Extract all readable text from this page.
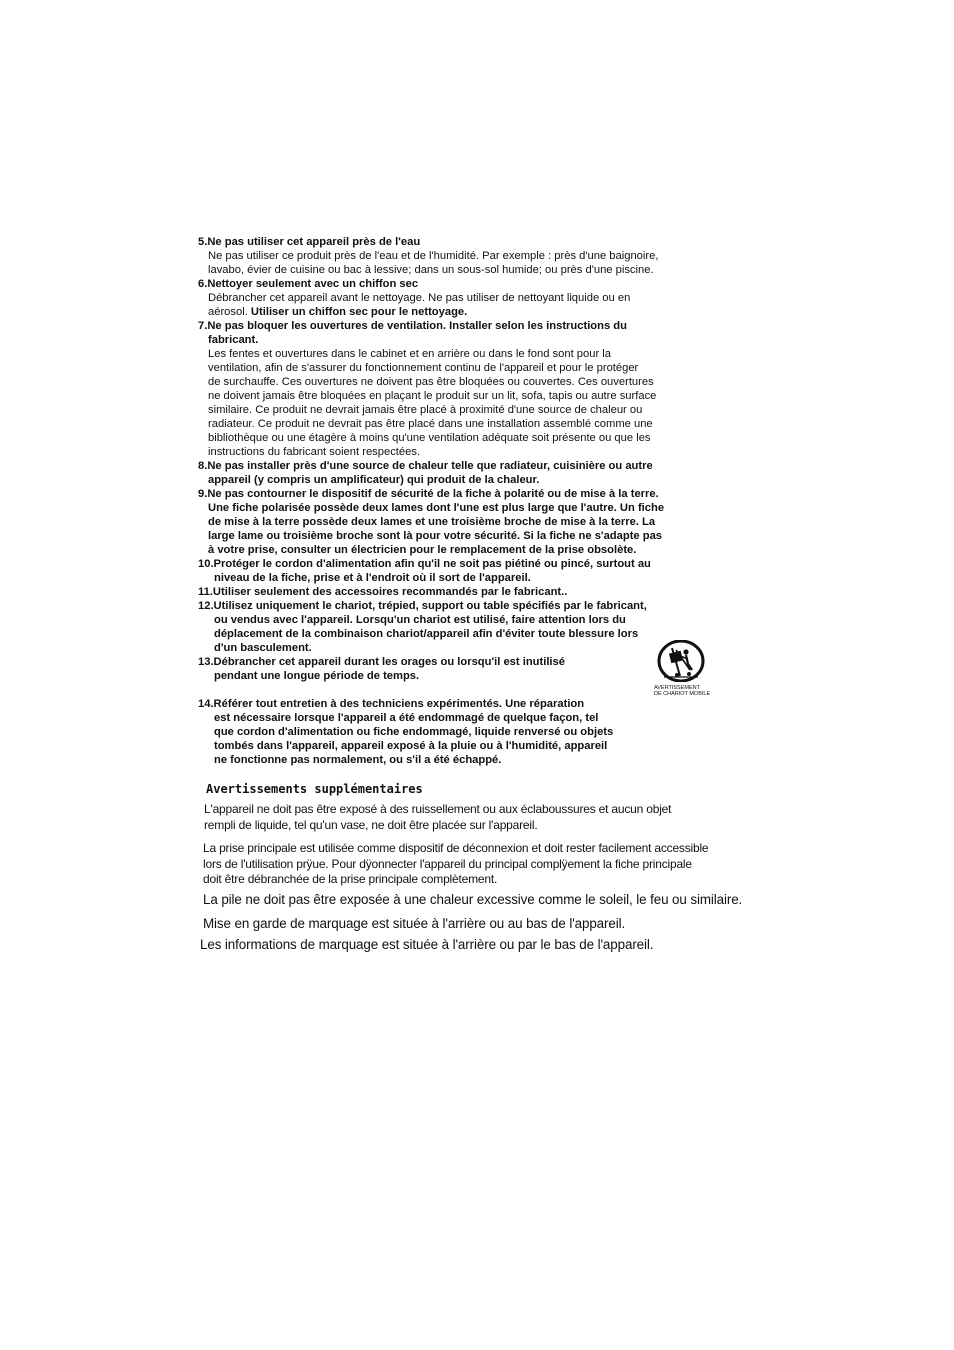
5.Ne pas utiliser cet appareil près de l'eau
Ne pas utiliser ce produit près de l'eau et de l'humidité. Par exemple : près d'une baignoire,
lavabo, évier de cuisine ou bac à lessive; dans un sous-sol humide; ou près d'une piscine.
6.Nettoyer seulement avec un chiffon sec
Débrancher cet appareil avant le nettoyage. Ne pas utiliser de nettoyant liquide ou en
aérosol. Utiliser un chiffon sec pour le nettoyage.
7.Ne pas bloquer les ouvertures de ventilation. Installer selon les instructions du
fabricant.
Les fentes et ouvertures dans le cabinet et en arrière ou dans le fond sont pour la
ventilation, afin de s'assurer du fonctionnement continu de l'appareil et pour le protéger
de surchauffe. Ces ouvertures ne doivent pas être bloquées ou couvertes. Ces ouvertures
ne doivent jamais être bloquées en plaçant le produit sur un lit, sofa, tapis ou autre surface
similaire. Ce produit ne devrait jamais être placé à proximité d'une source de chaleur ou
radiateur. Ce produit ne devrait pas être placé dans une installation assemblé comme une
bibliothèque ou une étagère à moins qu'une ventilation adéquate soit présente ou que les
instructions du fabricant soient respectées.
8.Ne pas installer près d'une source de chaleur telle que radiateur, cuisinière ou autre
appareil (y compris un amplificateur) qui produit de la chaleur.
9.Ne pas contourner le dispositif de sécurité de la fiche à polarité ou de mise à la terre.
Une fiche polarisée possède deux lames dont l'une est plus large que l'autre. Un fiche
de mise à la terre possède deux lames et une troisième broche de mise à la terre. La
large lame ou troisième broche sont là pour votre sécurité. Si la fiche ne s'adapte pas
à votre prise, consulter un électricien pour le remplacement de la prise obsolète.
10.Protéger le cordon d'alimentation afin qu'il ne soit pas piétiné ou pincé, surtout au
niveau de la fiche, prise et à l'endroit où il sort de l'appareil.
11.Utiliser seulement des accessoires recommandés par le fabricant..
12.Utilisez uniquement le chariot, trépied, support ou table spécifiés par le fabricant,
ou vendus avec l'appareil. Lorsqu'un chariot est utilisé, faire attention lors du
déplacement de la combinaison chariot/appareil afin d'éviter toute blessure lors
d'un basculement.
13.Débrancher cet appareil durant les orages ou lorsqu'il est inutilisé
pendant une longue période de temps.
14.Référer tout entretien à des techniciens expérimentés. Une réparation
est nécessaire lorsque l'appareil a été endommagé de quelque façon, tel
que cordon d'alimentation ou fiche endommagé, liquide renversé ou objets
tombés dans l'appareil, appareil exposé à la pluie ou à l'humidité, appareil
ne fonctionne pas normalement, ou s'il a été échappé.
AVERTISSEMENT
DE CHARIOT MOBILE
Avertissements supplémentaires
L'appareil ne doit pas être exposé à des ruissellement ou aux éclaboussures et aucun objet
rempli de liquide, tel qu'un vase, ne doit être placée sur l'appareil.
La prise principale est utilisée comme dispositif de déconnexion et doit rester facilement accessible
lors de l'utilisation prÿue. Pour dÿonnecter l'appareil du principal complÿement la fiche principale
doit être débranchée de la prise principale complètement.
La pile ne doit pas être exposée à une chaleur excessive comme le soleil, le feu ou similaire.
Mise en garde de marquage est située à l'arrière ou au bas de l'appareil.
Les informations de marquage est située à l'arrière ou par le bas de l'appareil.
